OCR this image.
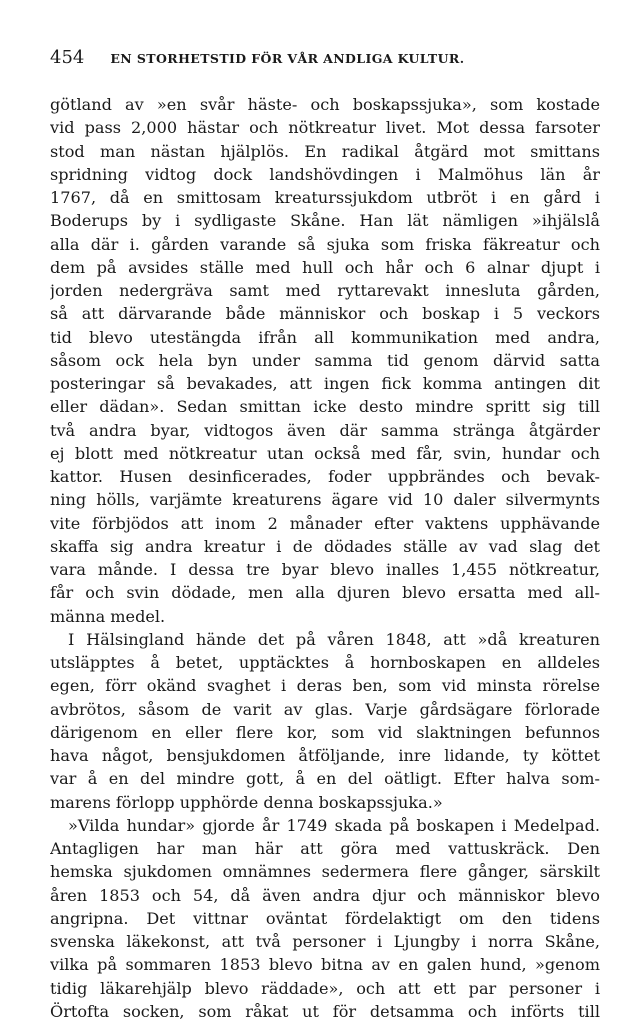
454 EN STORHETSTID FÖR VÅR ANDLIGA KULTUR.
götland av »en svår häste- och boskapssjuka», som kostade
vid pass 2,000 hästar och nötkreatur livet. Mot dessa farsoter
stod man nästan hjälplös. En radikal åtgärd mot smittans
spridning vidtog dock landshövdingen i Malmöhus län år
1767, då en smittosam kreaturssjukdom utbröt i en gård i
Boderups by i sydligaste Skåne. Han lät nämligen »ihjälslå
alla där i. gården varande så sjuka som friska fäkreatur och
dem på avsides ställe med hull och hår och 6 alnar djupt i
jorden nedergräva samt med ryttarevakt innesluta gården,
så att därvarande både människor och boskap i 5 veckors
tid blevo utestängda ifrån all kommunikation med andra,
såsom ock hela byn under samma tid genom därvid satta
posteringar så bevakades, att ingen fick komma antingen dit
eller dädan». Sedan smittan icke desto mindre spritt sig till
två andra byar, vidtogos även där samma stränga åtgärder
ej blott med nötkreatur utan också med får, svin, hundar och
kattor. Husen desinficerades, foder uppbrändes och bevak-
ning hölls, varjämte kreaturens ägare vid 10 daler silvermynts
vite förbjödos att inom 2 månader efter vaktens upphävande
skaffa sig andra kreatur i de dödades ställe av vad slag det
vara månde. I dessa tre byar blevo inalles 1,455 nötkreatur,
får och svin dödade, men alla djuren blevo ersatta med all-
männa medel.
I Hälsingland hände det på våren 1848, att »då kreaturen
utsläpptes å betet, upptäcktes å hornboskapen en alldeles
egen, förr okänd svaghet i deras ben, som vid minsta rörelse
avbrötos, såsom de varit av glas. Varje gårdsägare förlorade
därigenom en eller flere kor, som vid slaktningen befunnos
hava något, bensjukdomen åtföljande, inre lidande, ty köttet
var å en del mindre gott, å en del oätligt. Efter halva som-
marens förlopp upphörde denna boskapssjuka.»
»Vilda hundar» gjorde år 1749 skada på boskapen i Medelpad.
Antagligen har man här att göra med vattuskräck. Den
hemska sjukdomen omnämnes sedermera flere gånger, särskilt
åren 1853 och 54, då även andra djur och människor blevo
angripna. Det vittnar oväntat fördelaktigt om den tidens
svenska läkekonst, att två personer i Ljungby i norra Skåne,
vilka på sommaren 1853 blevo bitna av en galen hund, »genom
tidig läkarehjälp blevo räddade», och att ett par personer i
Örtofta socken, som råkat ut för detsamma och införts till
